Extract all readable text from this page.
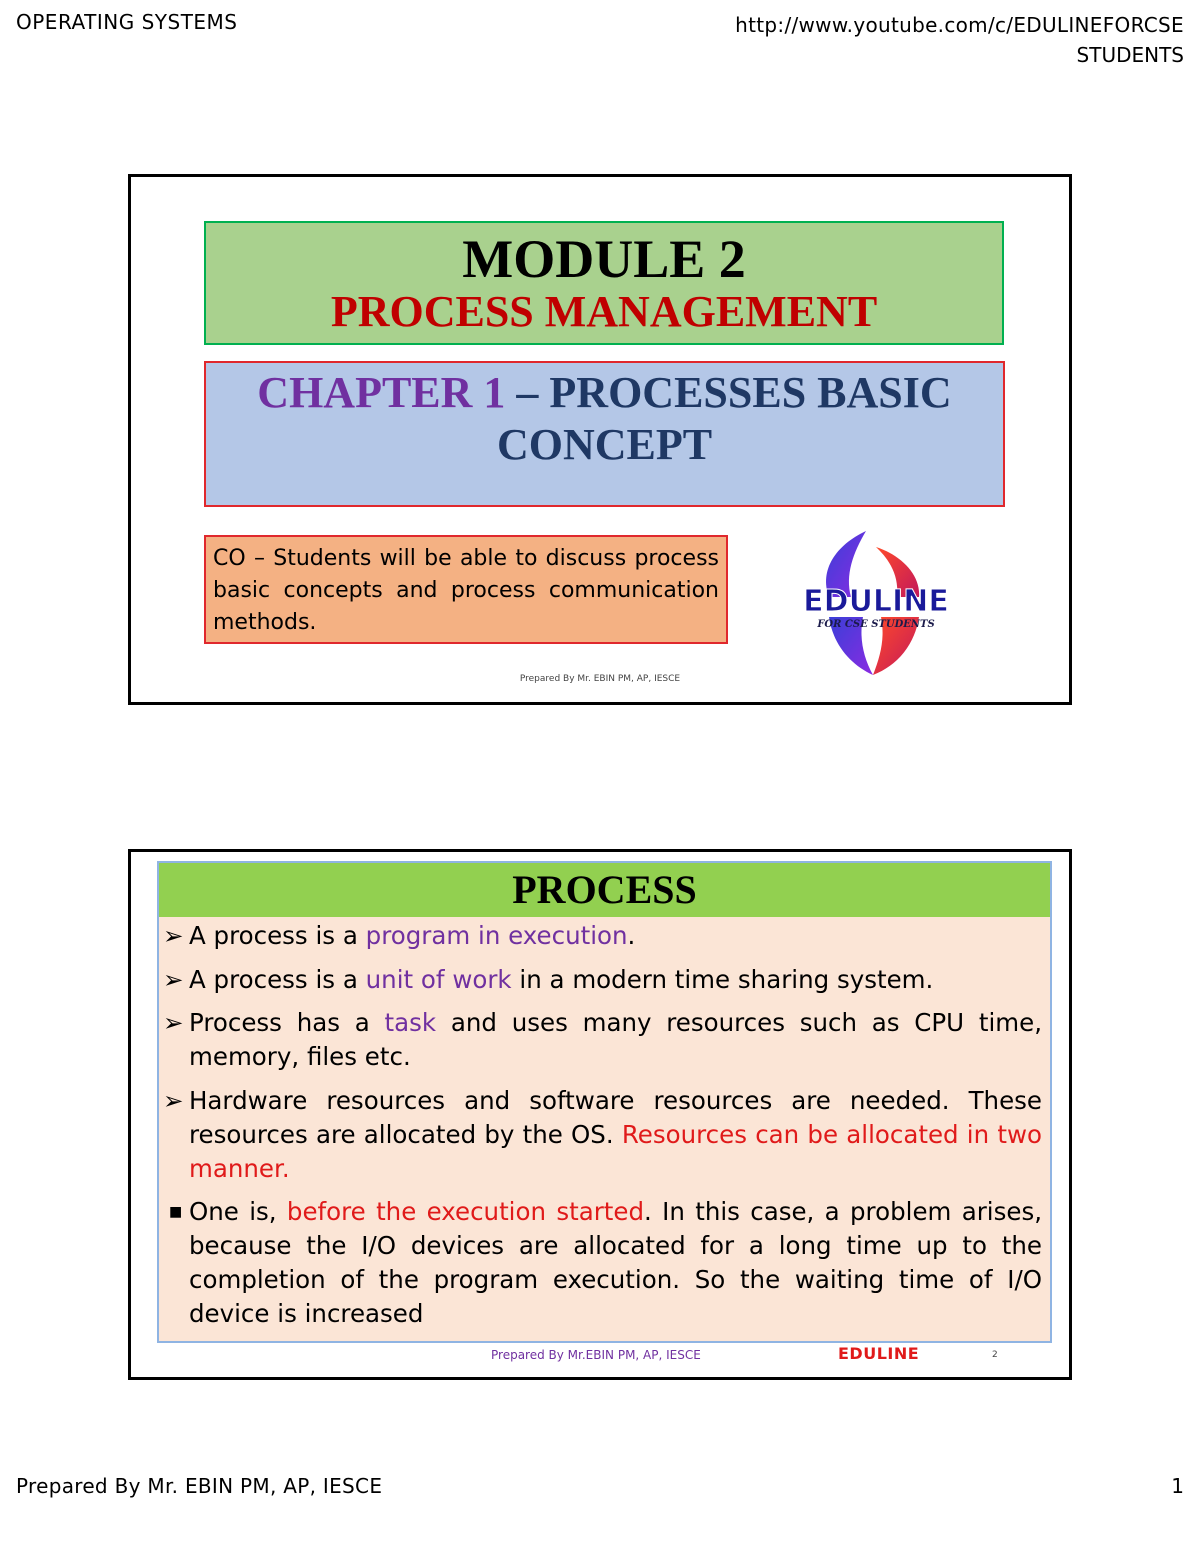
OPERATING SYSTEMS	http://www.youtube.com/c/EDULINEFORCSE
STUDENTS
MODULE 2
PROCESS MANAGEMENT
CHAPTER 1 – PROCESSES BASIC CONCEPT
CO – Students will be able to discuss process basic concepts and process communication methods.
EDULINE
FOR CSE STUDENTS
Prepared By Mr. EBIN PM, AP, IESCE
PROCESS
➢ A process is a program in execution.
➢ A process is a unit of work in a modern time sharing system.
➢ Process has a task and uses many resources such as CPU time, memory, files etc.
➢ Hardware resources and software resources are needed. These resources are allocated by the OS. Resources can be allocated in two manner.
■ One is, before the execution started. In this case, a problem arises, because the I/O devices are allocated for a long time up to the completion of the program execution. So the waiting time of I/O device is increased
Prepared By Mr.EBIN PM, AP, IESCE	EDULINE	2
Prepared By Mr. EBIN PM, AP, IESCE	1
